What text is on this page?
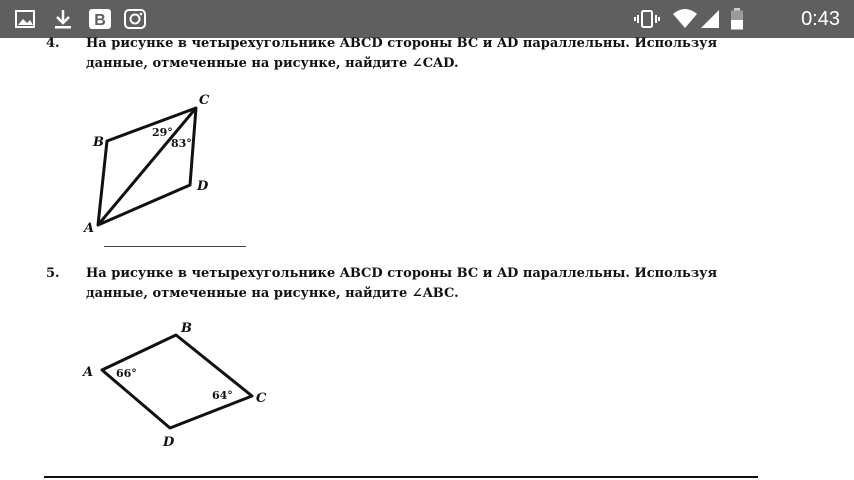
B	0:43
4. На рисунке в четырехугольнике ABCD стороны BC и AD параллельны. Используя
данные, отмеченные на рисунке, найдите ∠CAD.
A
B
C
D
29°
83°
5. На рисунке в четырехугольнике ABCD стороны BC и AD параллельны. Используя
данные, отмеченные на рисунке, найдите ∠ABC.
A
B
C
D
66°
64°
